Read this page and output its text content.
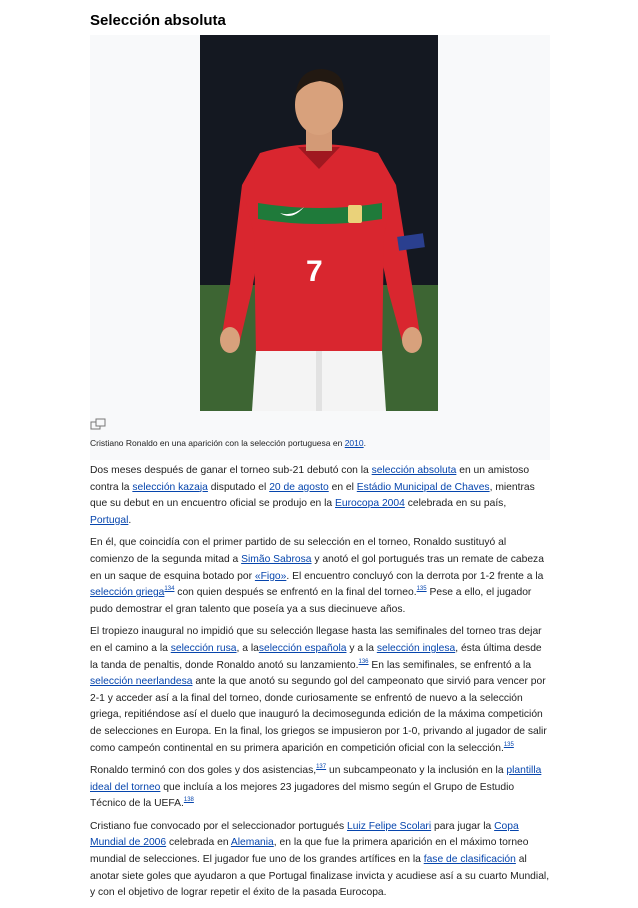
Selección absoluta
7
Cristiano Ronaldo en una aparición con la selección portuguesa en 2010.

Dos meses después de ganar el torneo sub-21 debutó con la selección absoluta en un amistoso contra la selección kazaja disputado el 20 de agosto en el Estádio Municipal de Chaves, mientras que su debut en un encuentro oficial se produjo en la Eurocopa 2004 celebrada en su país, Portugal.

En él, que coincidía con el primer partido de su selección en el torneo, Ronaldo sustituyó al comienzo de la segunda mitad a Simão Sabrosa y anotó el gol portugués tras un remate de cabeza en un saque de esquina botado por «Figo». El encuentro concluyó con la derrota por 1-2 frente a la selección griega$^{134}$ con quien después se enfrentó en la final del torneo.$^{135}$ Pese a ello, el jugador pudo demostrar el gran talento que poseía ya a sus diecinueve años.

El tropiezo inaugural no impidió que su selección llegase hasta las semifinales del torneo tras dejar en el camino a la selección rusa, a laselección española y a la selección inglesa, ésta última desde la tanda de penaltis, donde Ronaldo anotó su lanzamiento.$^{136}$ En las semifinales, se enfrentó a la selección neerlandesa ante la que anotó su segundo gol del campeonato que sirvió para vencer por 2-1 y acceder así a la final del torneo, donde curiosamente se enfrentó de nuevo a la selección griega, repitiéndose así el duelo que inauguró la decimosegunda edición de la máxima competición de selecciones en Europa. En la final, los griegos se impusieron por 1-0, privando al jugador de salir como campeón continental en su primera aparición en competición oficial con la selección.$^{135}$

Ronaldo terminó con dos goles y dos asistencias,$^{137}$ un subcampeonato y la inclusión en la plantilla ideal del torneo que incluía a los mejores 23 jugadores del mismo según el Grupo de Estudio Técnico de la UEFA.$^{138}$

Cristiano fue convocado por el seleccionador portugués Luiz Felipe Scolari para jugar la Copa Mundial de 2006 celebrada en Alemania, en la que fue la primera aparición en el máximo torneo mundial de selecciones. El jugador fue uno de los grandes artífices en la fase de clasificación al anotar siete goles que ayudaron a que Portugal finalizase invicta y acudiese así a su cuarto Mundial, y con el objetivo de lograr repetir el éxito de la pasada Eurocopa.
